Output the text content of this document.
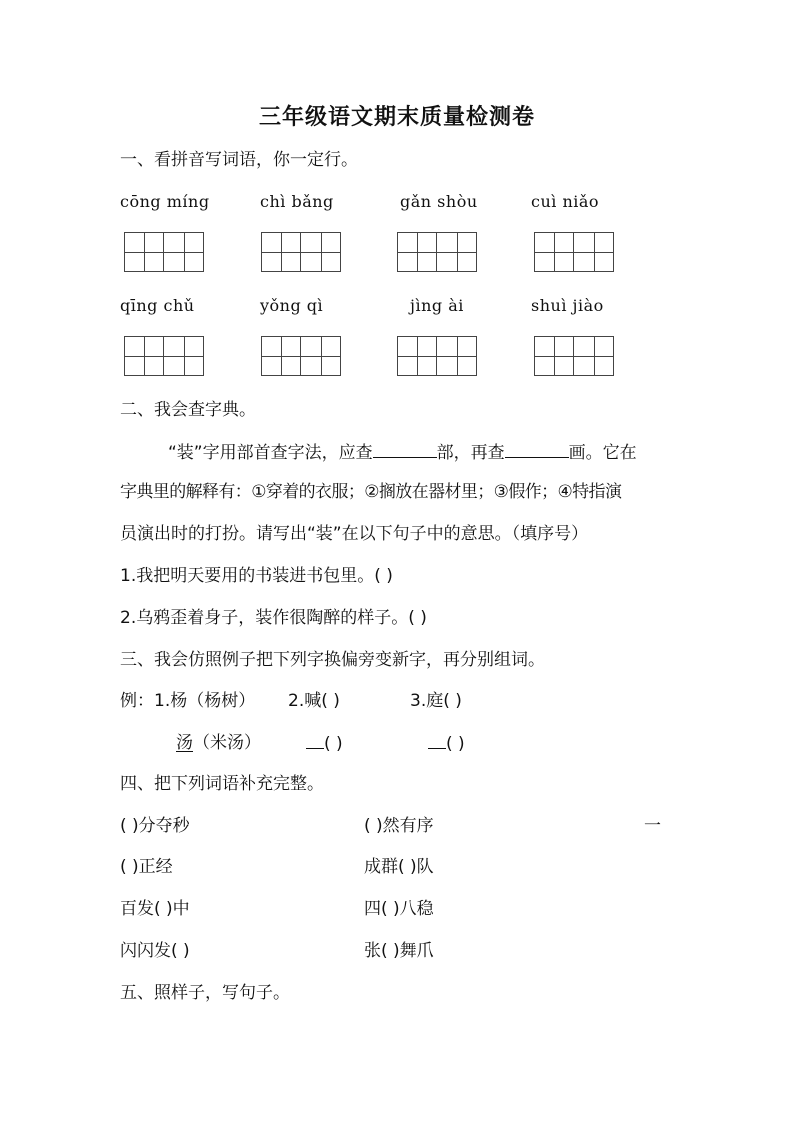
三年级语文期末质量检测卷
一、看拼音写词语，你一定行。
cōng míng	chì bǎng	gǎn shòu	cuì niǎo
qīng chǔ	yǒng qì	jìng ài	shuì jiào
二、我会查字典。
“装”字用部首查字法，应查	部，再查	画。它在
字典里的解释有：①穿着的衣服；②搁放在器材里；③假作；④特指演
员演出时的打扮。请写出“装”在以下句子中的意思。（填序号）
1.我把明天要用的书装进书包里。( )
2.乌鸦歪着身子，装作很陶醉的样子。( )
三、我会仿照例子把下列字换偏旁变新字，再分别组词。
例：1.杨（杨树） 2.喊( )	3.庭( )
汤（米汤）	( )	( )
四、把下列词语补充完整。
( )分夺秒	( )然有序	一
( )正经	成群( )队
百发( )中	四( )八稳
闪闪发( )	张( )舞爪
五、照样子，写句子。
